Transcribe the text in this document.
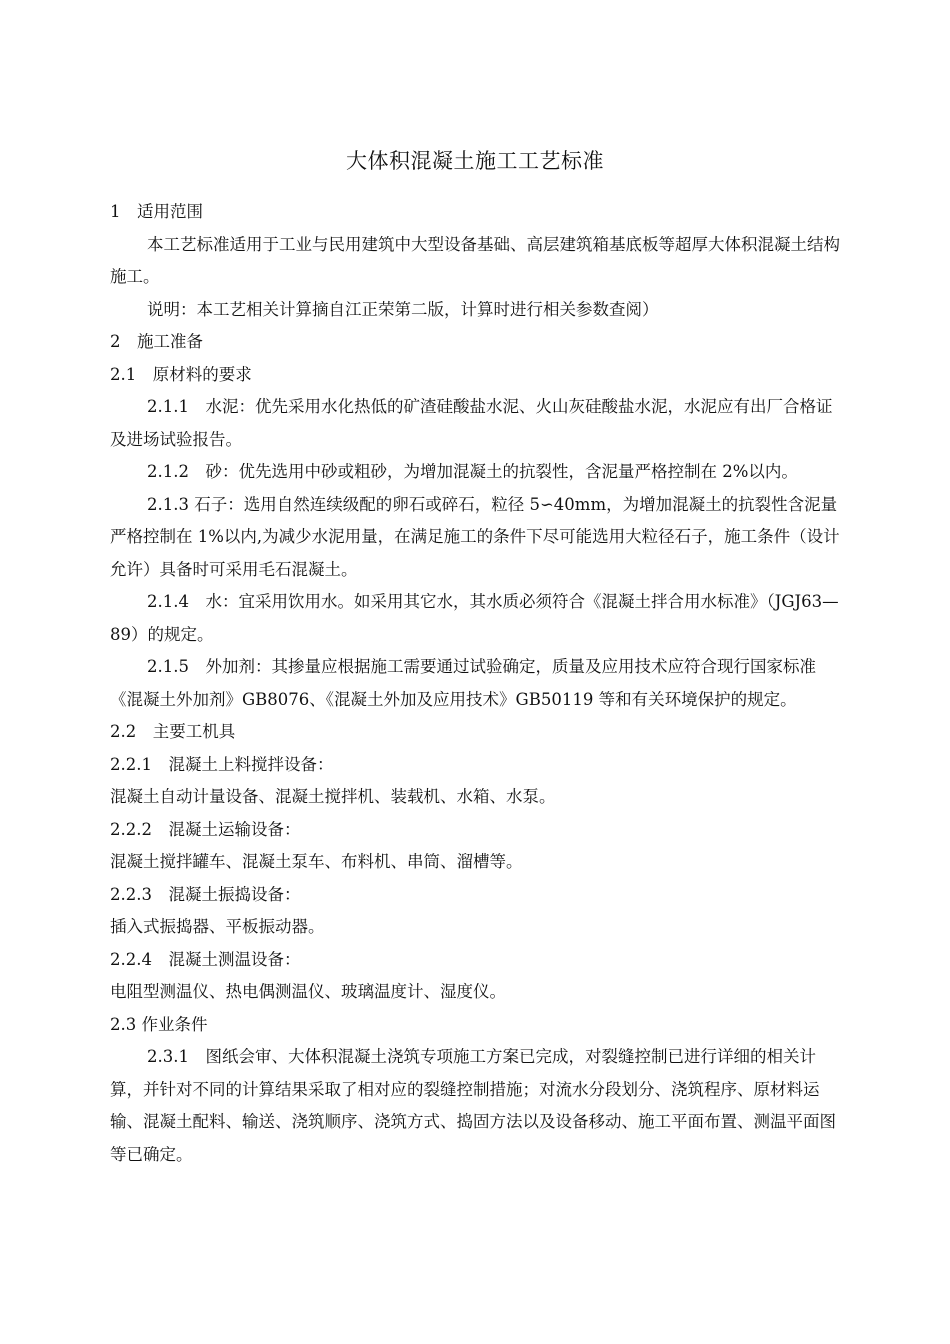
大体积混凝土施工工艺标准

1　适用范围

本工艺标准适用于工业与民用建筑中大型设备基础、高层建筑箱基底板等超厚大体积混凝土结构施工。

说明：本工艺相关计算摘自江正荣第二版，计算时进行相关参数查阅）

2　施工准备

2.1　原材料的要求

2.1.1　水泥：优先采用水化热低的矿渣硅酸盐水泥、火山灰硅酸盐水泥，水泥应有出厂合格证及进场试验报告。

2.1.2　砂：优先选用中砂或粗砂，为增加混凝土的抗裂性，含泥量严格控制在 2%以内。

2.1.3 石子：选用自然连续级配的卵石或碎石，粒径 5∽40mm，为增加混凝土的抗裂性含泥量严格控制在 1%以内,为减少水泥用量，在满足施工的条件下尽可能选用大粒径石子，施工条件（设计允许）具备时可采用毛石混凝土。

2.1.4　水：宜采用饮用水。如采用其它水，其水质必须符合《混凝土拌合用水标准》（JGJ63—89）的规定。

2.1.5　外加剂：其掺量应根据施工需要通过试验确定，质量及应用技术应符合现行国家标准《混凝土外加剂》GB8076、《混凝土外加及应用技术》GB50119 等和有关环境保护的规定。

2.2　主要工机具

2.2.1　混凝土上料搅拌设备：

混凝土自动计量设备、混凝土搅拌机、装载机、水箱、水泵。

2.2.2　混凝土运输设备：

混凝土搅拌罐车、混凝土泵车、布料机、串筒、溜槽等。

2.2.3　混凝土振捣设备：

插入式振捣器、平板振动器。

2.2.4　混凝土测温设备：

电阻型测温仪、热电偶测温仪、玻璃温度计、湿度仪。

2.3 作业条件

2.3.1　图纸会审、大体积混凝土浇筑专项施工方案已完成，对裂缝控制已进行详细的相关计算，并针对不同的计算结果采取了相对应的裂缝控制措施；对流水分段划分、浇筑程序、原材料运输、混凝土配料、输送、浇筑顺序、浇筑方式、捣固方法以及设备移动、施工平面布置、测温平面图等已确定。
